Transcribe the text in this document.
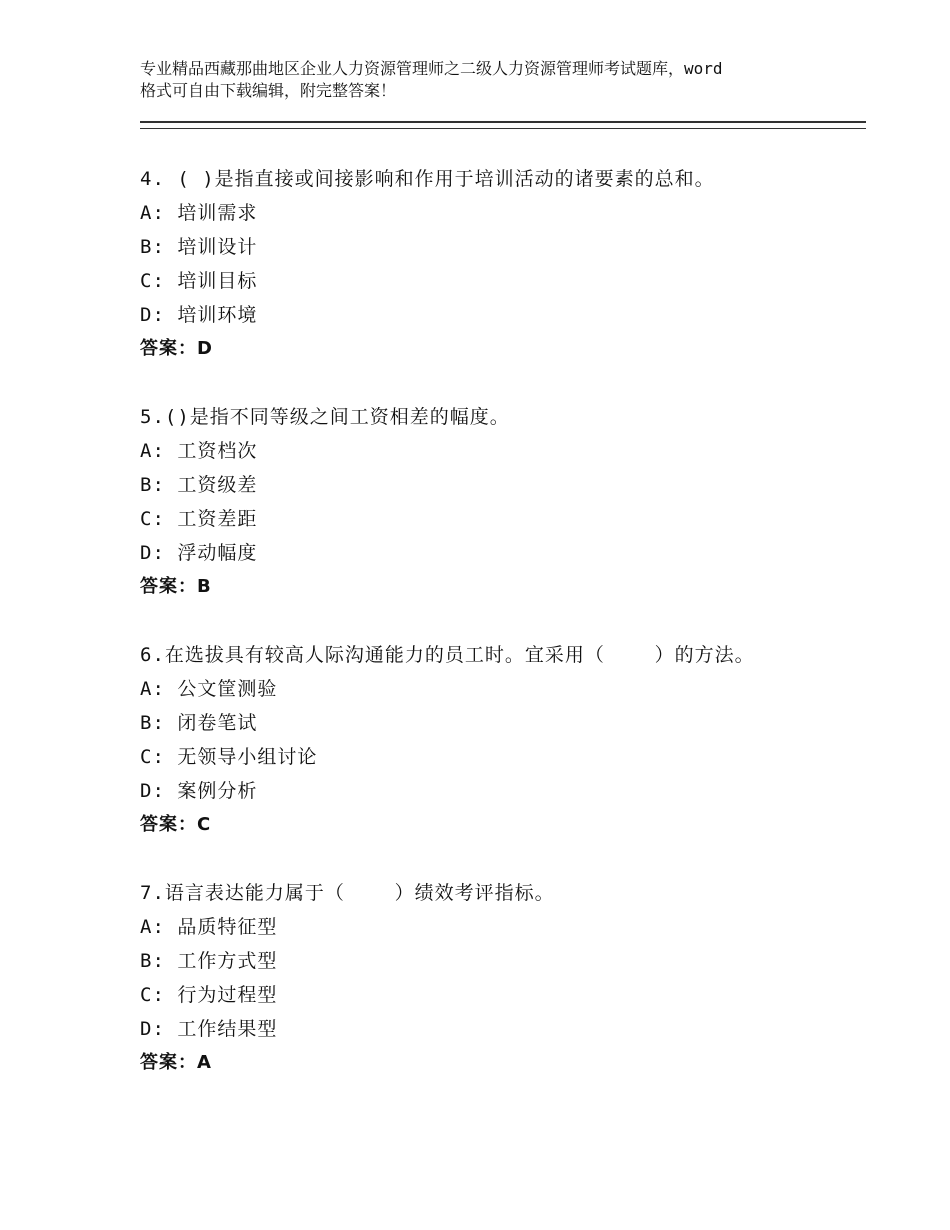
专业精品西藏那曲地区企业人力资源管理师之二级人力资源管理师考试题库，word
格式可自由下载编辑，附完整答案！
4. ( )是指直接或间接影响和作用于培训活动的诸要素的总和。
A: 培训需求
B: 培训设计
C: 培训目标
D: 培训环境
答案：D
5.()是指不同等级之间工资相差的幅度。
A: 工资档次
B: 工资级差
C: 工资差距
D: 浮动幅度
答案：B
6.在选拔具有较高人际沟通能力的员工时。宜采用（    ）的方法。
A: 公文筐测验
B: 闭卷笔试
C: 无领导小组讨论
D: 案例分析
答案：C
7.语言表达能力属于（    ）绩效考评指标。
A: 品质特征型
B: 工作方式型
C: 行为过程型
D: 工作结果型
答案：A
